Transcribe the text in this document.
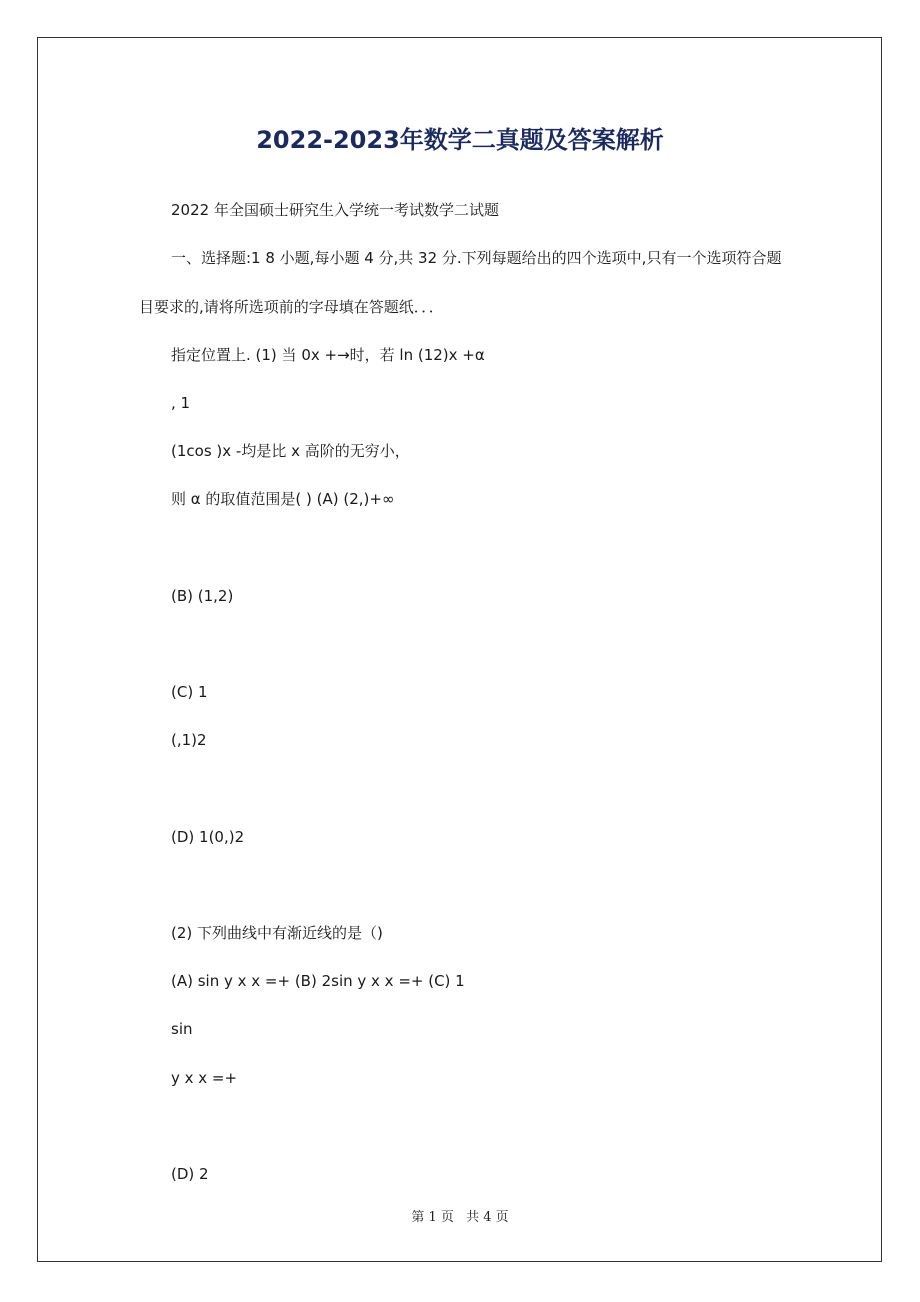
2022-2023年数学二真题及答案解析
2022 年全国硕士研究生入学统一考试数学二试题
一、选择题:1 8 小题,每小题 4 分,共 32 分.下列每题给出的四个选项中,只有一个选项符合题
目要求的,请将所选项前的字母填在答题纸．．．
指定位置上. (1) 当 0x +→时，若 ln (12)x +α
, 1
(1cos )x -均是比 x 高阶的无穷小，
则 α 的取值范围是( ) (A) (2,)+∞
(B) (1,2)
(C) 1
(,1)2
(D) 1(0,)2
(2) 下列曲线中有渐近线的是（)
(A) sin y x x =+ (B) 2sin y x x =+ (C) 1
sin
y x x =+
(D) 2
第 1 页 共 4 页
